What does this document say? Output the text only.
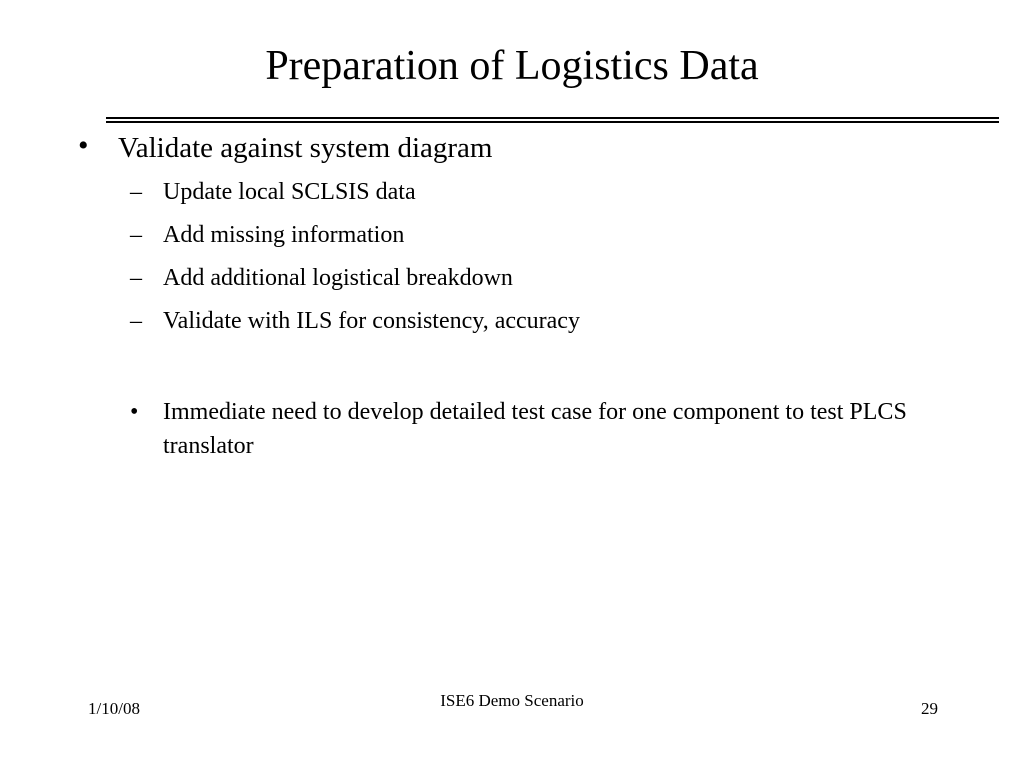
Preparation of Logistics Data
• Validate against system diagram
– Update local SCLSIS data
– Add missing information
– Add additional logistical breakdown
– Validate with ILS for consistency, accuracy
• Immediate need to develop detailed test case for one component to test PLCS translator
1/10/08	ISE6 Demo Scenario	29
